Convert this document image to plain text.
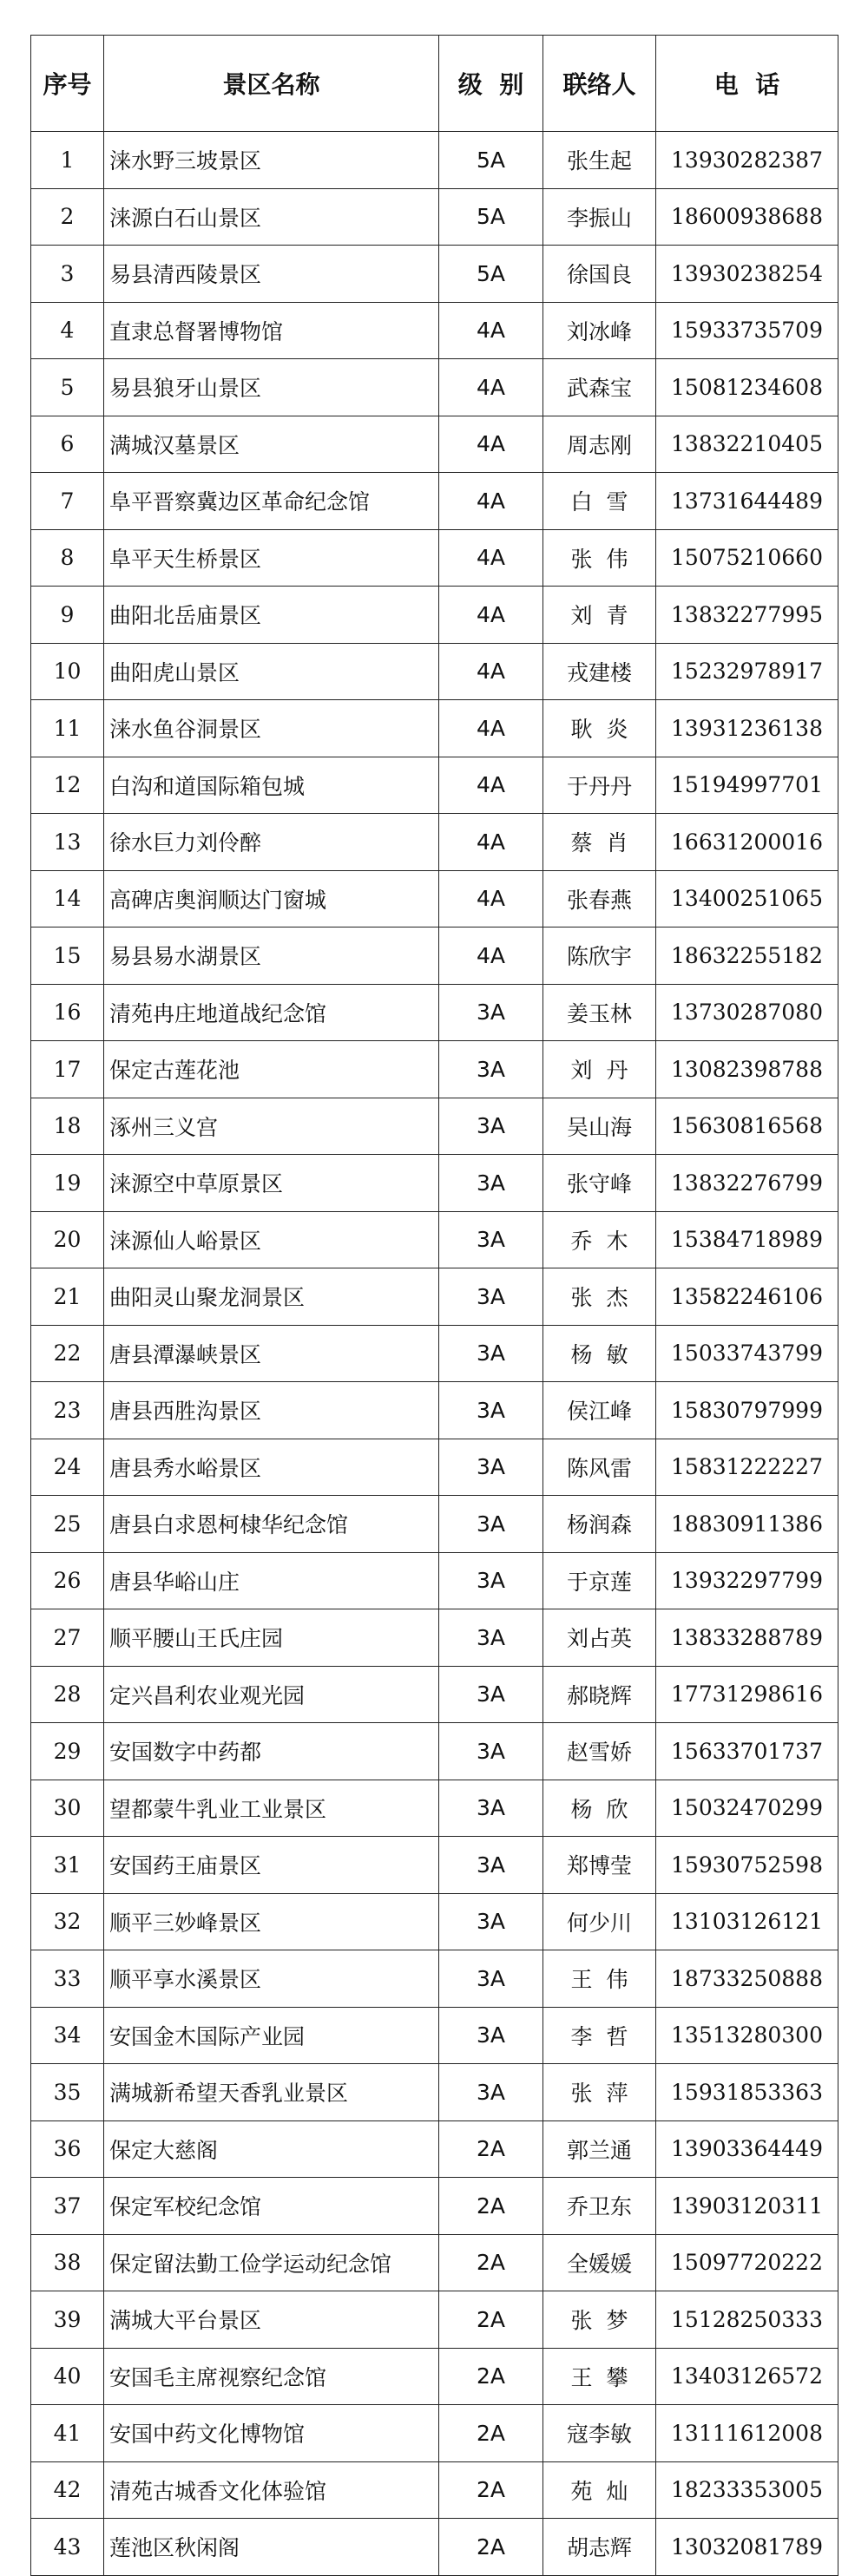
序号	景区名称	级  别	联络人	电  话
1	涞水野三坡景区	5A	张生起	13930282387
2	涞源白石山景区	5A	李振山	18600938688
3	易县清西陵景区	5A	徐国良	13930238254
4	直隶总督署博物馆	4A	刘冰峰	15933735709
5	易县狼牙山景区	4A	武森宝	15081234608
6	满城汉墓景区	4A	周志刚	13832210405
7	阜平晋察冀边区革命纪念馆	4A	白  雪	13731644489
8	阜平天生桥景区	4A	张  伟	15075210660
9	曲阳北岳庙景区	4A	刘  青	13832277995
10	曲阳虎山景区	4A	戎建楼	15232978917
11	涞水鱼谷洞景区	4A	耿  炎	13931236138
12	白沟和道国际箱包城	4A	于丹丹	15194997701
13	徐水巨力刘伶醉	4A	蔡  肖	16631200016
14	高碑店奥润顺达门窗城	4A	张春燕	13400251065
15	易县易水湖景区	4A	陈欣宇	18632255182
16	清苑冉庄地道战纪念馆	3A	姜玉林	13730287080
17	保定古莲花池	3A	刘  丹	13082398788
18	涿州三义宫	3A	吴山海	15630816568
19	涞源空中草原景区	3A	张守峰	13832276799
20	涞源仙人峪景区	3A	乔  木	15384718989
21	曲阳灵山聚龙洞景区	3A	张  杰	13582246106
22	唐县潭瀑峡景区	3A	杨  敏	15033743799
23	唐县西胜沟景区	3A	侯江峰	15830797999
24	唐县秀水峪景区	3A	陈风雷	15831222227
25	唐县白求恩柯棣华纪念馆	3A	杨润森	18830911386
26	唐县华峪山庄	3A	于京莲	13932297799
27	顺平腰山王氏庄园	3A	刘占英	13833288789
28	定兴昌利农业观光园	3A	郝晓辉	17731298616
29	安国数字中药都	3A	赵雪娇	15633701737
30	望都蒙牛乳业工业景区	3A	杨  欣	15032470299
31	安国药王庙景区	3A	郑博莹	15930752598
32	顺平三妙峰景区	3A	何少川	13103126121
33	顺平享水溪景区	3A	王  伟	18733250888
34	安国金木国际产业园	3A	李  哲	13513280300
35	满城新希望天香乳业景区	3A	张  萍	15931853363
36	保定大慈阁	2A	郭兰通	13903364449
37	保定军校纪念馆	2A	乔卫东	13903120311
38	保定留法勤工俭学运动纪念馆	2A	全媛媛	15097720222
39	满城大平台景区	2A	张  梦	15128250333
40	安国毛主席视察纪念馆	2A	王  攀	13403126572
41	安国中药文化博物馆	2A	寇李敏	13111612008
42	清苑古城香文化体验馆	2A	苑  灿	18233353005
43	莲池区秋闲阁	2A	胡志辉	13032081789
